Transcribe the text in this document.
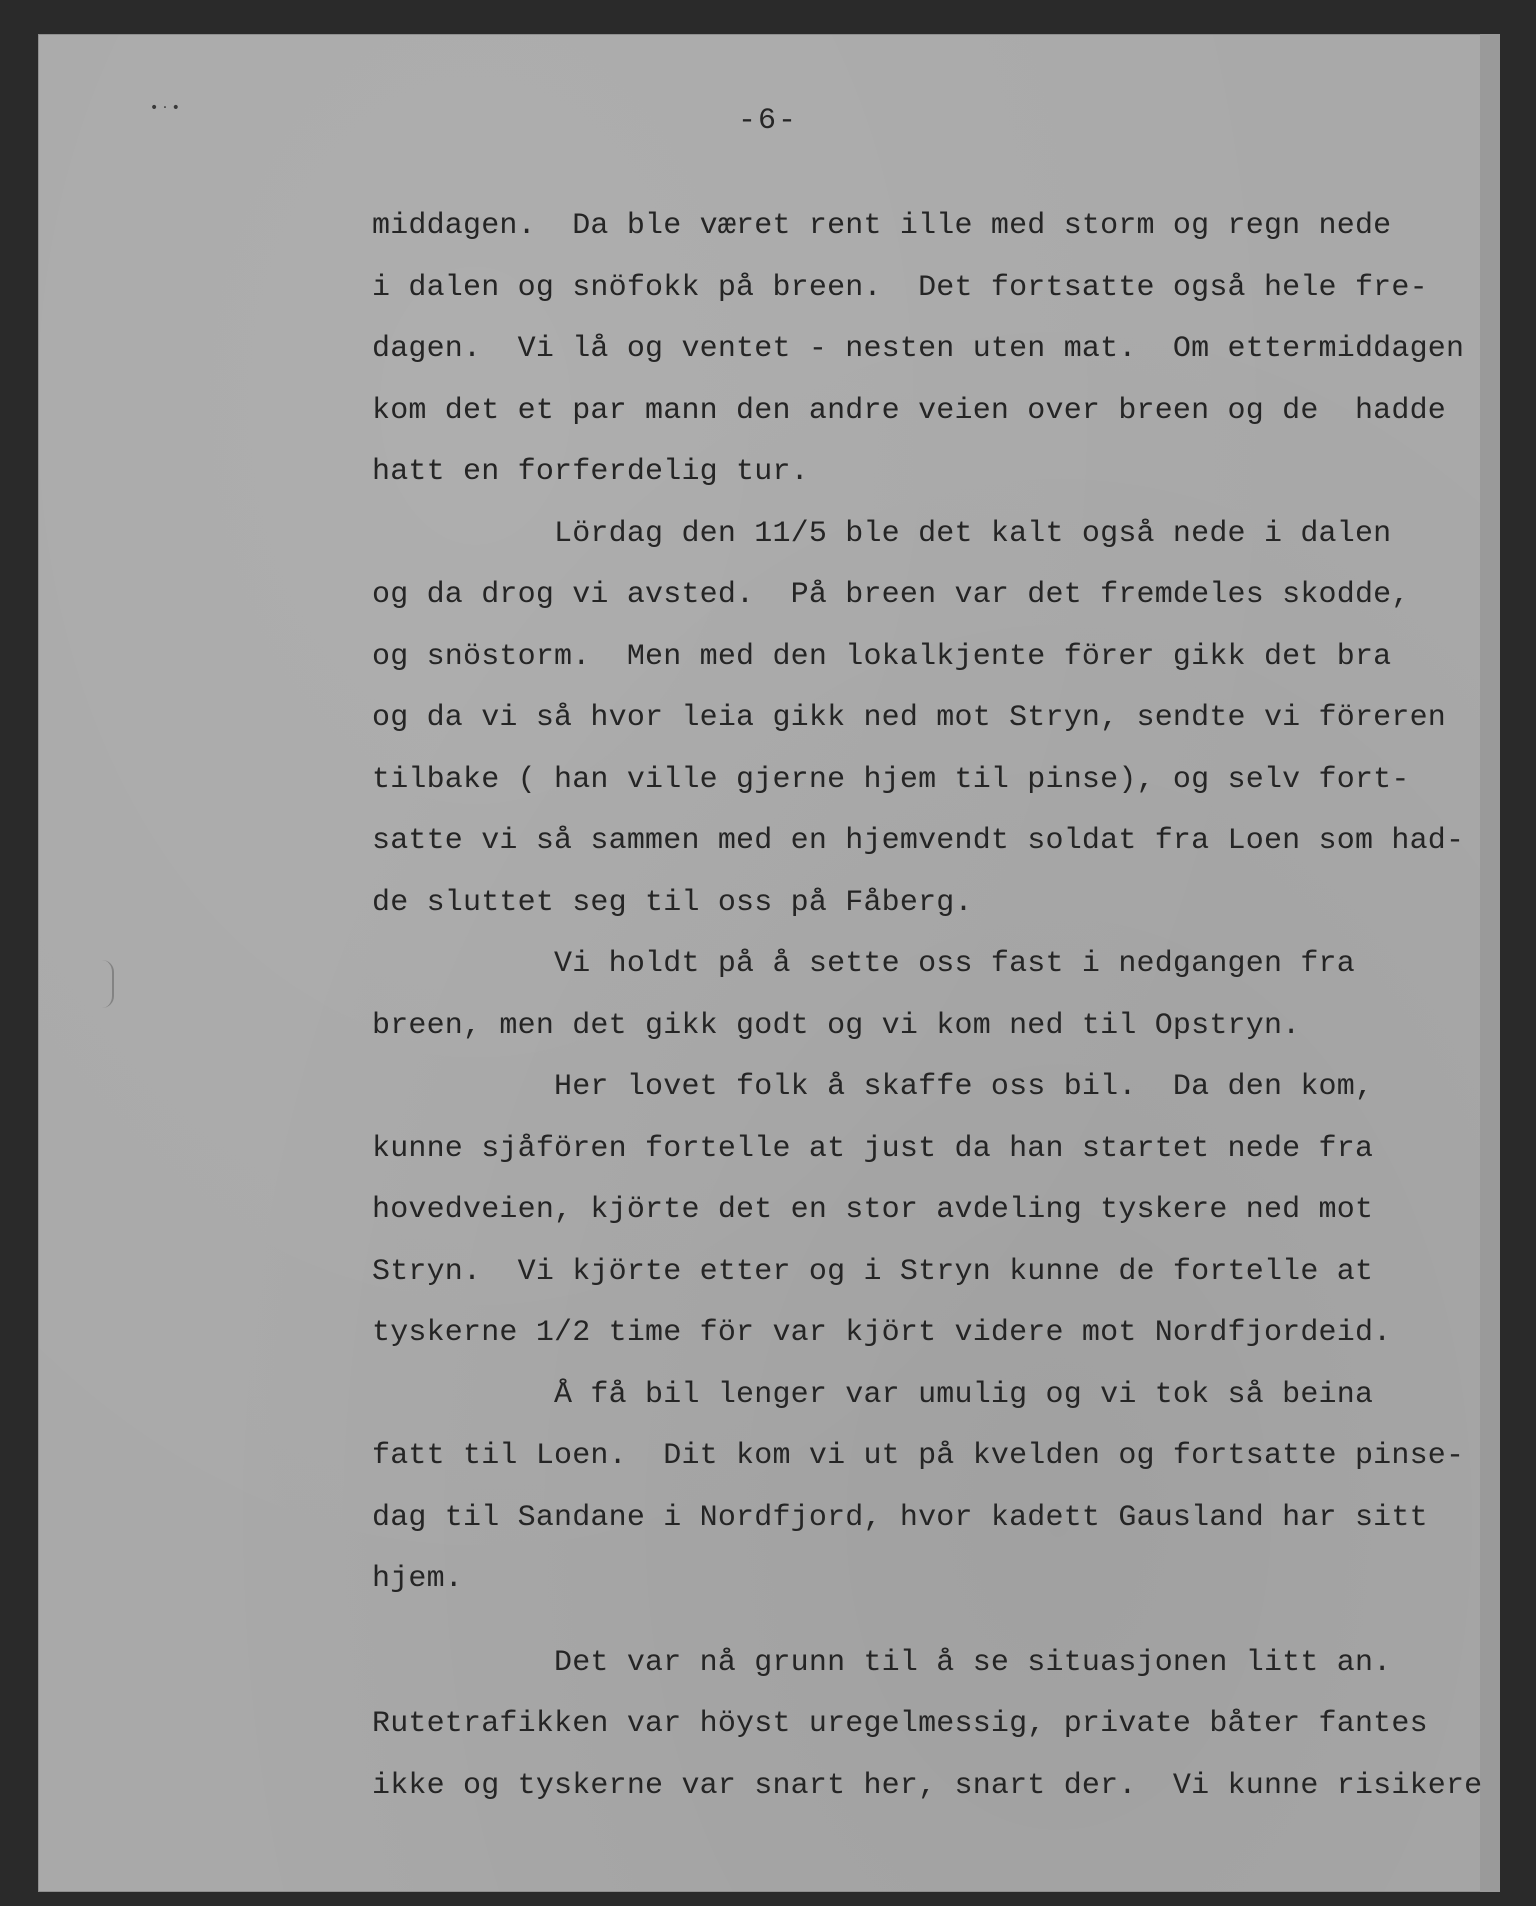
• · •	-6-
middagen.  Da ble været rent ille med storm og regn nede
i dalen og snöfokk på breen.  Det fortsatte også hele fre-
dagen.  Vi lå og ventet - nesten uten mat.  Om ettermiddagen
kom det et par mann den andre veien over breen og de  hadde
hatt en forferdelig tur.
Lördag den 11/5 ble det kalt også nede i dalen
og da drog vi avsted.  På breen var det fremdeles skodde,
og snöstorm.  Men med den lokalkjente förer gikk det bra
og da vi så hvor leia gikk ned mot Stryn, sendte vi föreren
tilbake ( han ville gjerne hjem til pinse), og selv fort-
satte vi så sammen med en hjemvendt soldat fra Loen som had-
de sluttet seg til oss på Fåberg.
Vi holdt på å sette oss fast i nedgangen fra
breen, men det gikk godt og vi kom ned til Opstryn.
Her lovet folk å skaffe oss bil.  Da den kom,
kunne sjåfören fortelle at just da han startet nede fra
hovedveien, kjörte det en stor avdeling tyskere ned mot
Stryn.  Vi kjörte etter og i Stryn kunne de fortelle at
tyskerne 1/2 time för var kjört videre mot Nordfjordeid.
Å få bil lenger var umulig og vi tok så beina
fatt til Loen.  Dit kom vi ut på kvelden og fortsatte pinse-
dag til Sandane i Nordfjord, hvor kadett Gausland har sitt
hjem.
Det var nå grunn til å se situasjonen litt an.
Rutetrafikken var höyst uregelmessig, private båter fantes
ikke og tyskerne var snart her, snart der.  Vi kunne risikere
